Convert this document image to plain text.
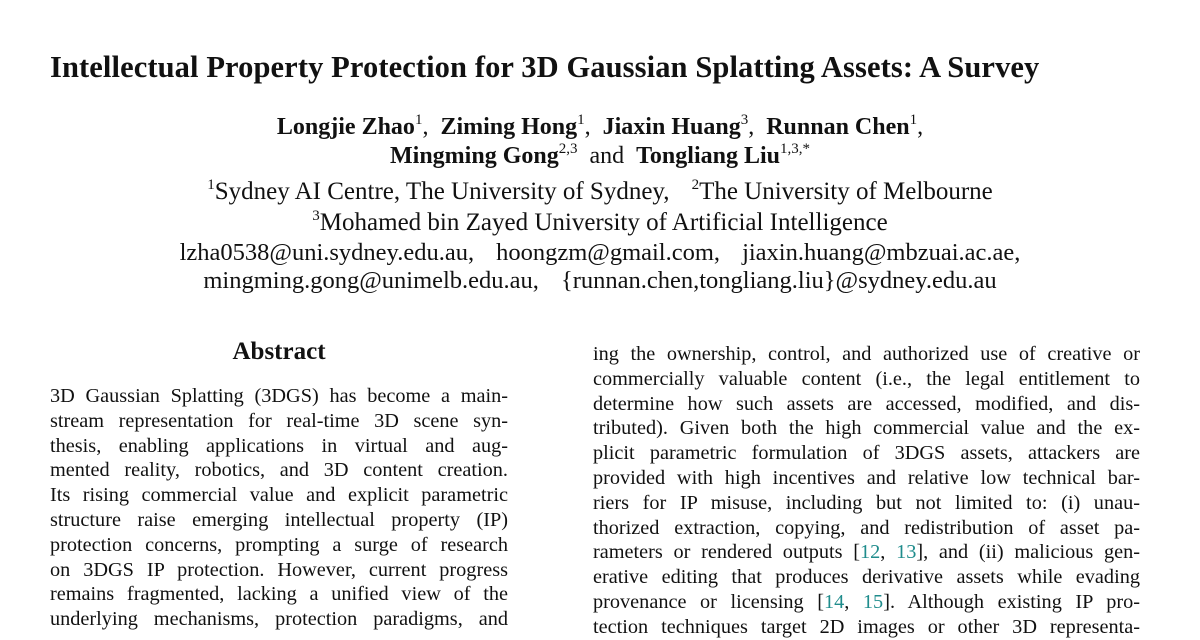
Intellectual Property Protection for 3D Gaussian Splatting Assets: A Survey
Longjie Zhao$^1$, Ziming Hong$^1$, Jiaxin Huang$^3$, Runnan Chen$^1$,
Mingming Gong$^{2,3}$ and Tongliang Liu$^{1,3,*}$
$^1$Sydney AI Centre, The University of Sydney, $^2$The University of Melbourne
$^3$Mohamed bin Zayed University of Artificial Intelligence
lzha0538@uni.sydney.edu.au, hoongzm@gmail.com, jiaxin.huang@mbzuai.ac.ae,
mingming.gong@unimelb.edu.au, {runnan.chen,tongliang.liu}@sydney.edu.au
Abstract
3D Gaussian Splatting (3DGS) has become a main-
stream representation for real-time 3D scene syn-
thesis, enabling applications in virtual and aug-
mented reality, robotics, and 3D content creation.
Its rising commercial value and explicit parametric
structure raise emerging intellectual property (IP)
protection concerns, prompting a surge of research
on 3DGS IP protection. However, current progress
remains fragmented, lacking a unified view of the
underlying mechanisms, protection paradigms, and
ing the ownership, control, and authorized use of creative or
commercially valuable content (i.e., the legal entitlement to
determine how such assets are accessed, modified, and dis-
tributed). Given both the high commercial value and the ex-
plicit parametric formulation of 3DGS assets, attackers are
provided with high incentives and relative low technical bar-
riers for IP misuse, including but not limited to: (i) unau-
thorized extraction, copying, and redistribution of asset pa-
rameters or rendered outputs [12, 13], and (ii) malicious gen-
erative editing that produces derivative assets while evading
provenance or licensing [14, 15]. Although existing IP pro-
tection techniques target 2D images or other 3D representa-
